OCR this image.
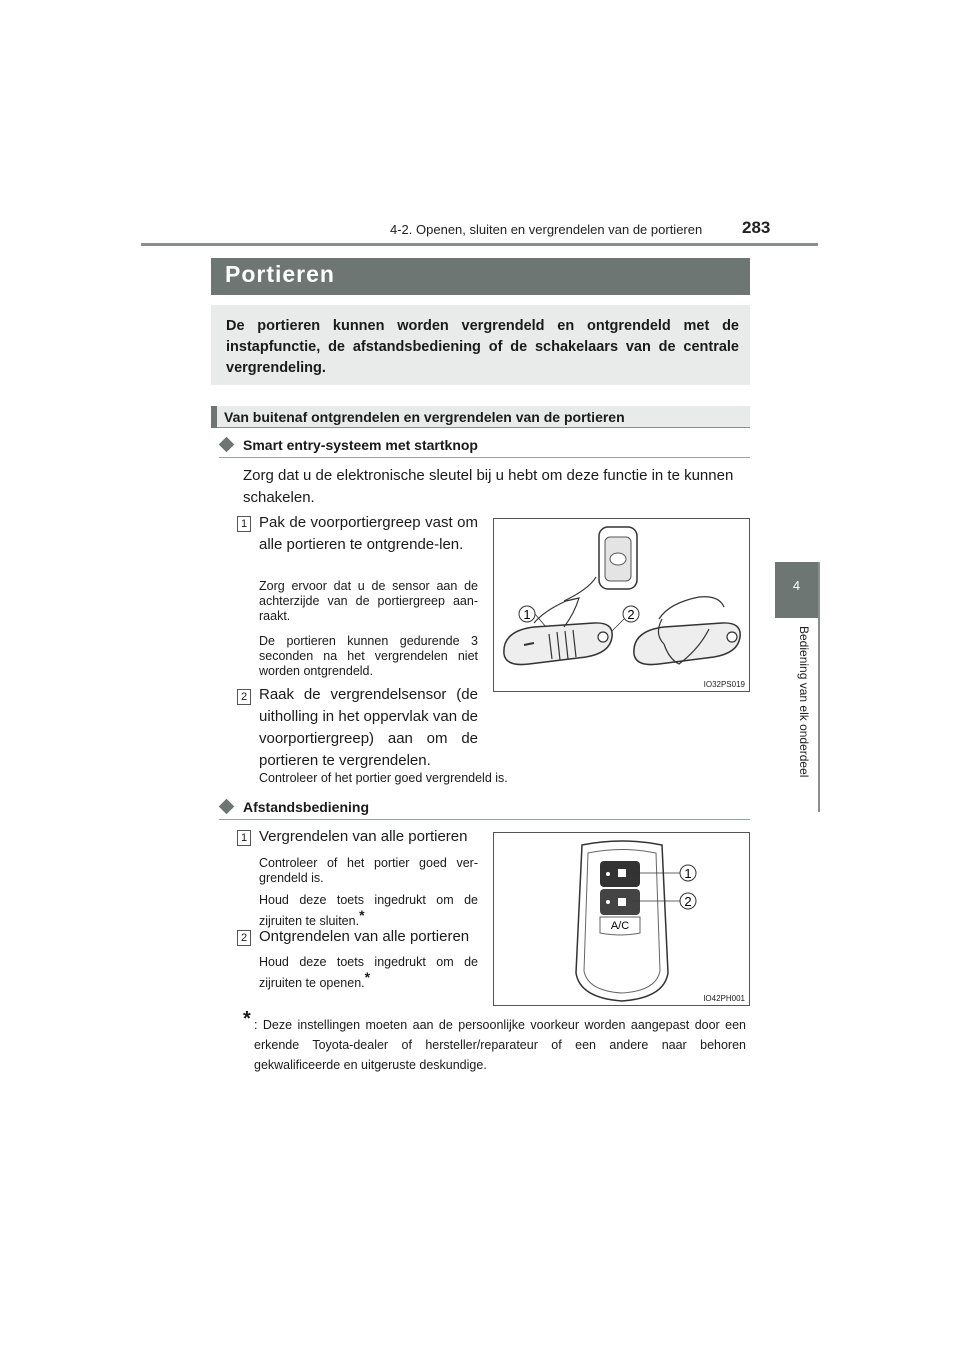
4-2. Openen, sluiten en vergrendelen van de portieren 283
4
Bediening van elk onderdeel
Portieren
De portieren kunnen worden vergrendeld en ontgrendeld met de instapfunctie, de afstandsbediening of de schakelaars van de centrale vergrendeling.
Van buitenaf ontgrendelen en vergrendelen van de portieren
Smart entry-systeem met startknop
Zorg dat u de elektronische sleutel bij u hebt om deze functie in te kunnen schakelen.
1 Pak de voorportiergreep vast om alle portieren te ontgrende-len.
Zorg ervoor dat u de sensor aan de achterzijde van de portiergreep aan-raakt.
De portieren kunnen gedurende 3 seconden na het vergrendelen niet worden ontgrendeld.
2 Raak de vergrendelsensor (de uitholling in het oppervlak van de voorportiergreep) aan om de portieren te vergrendelen.
Controleer of het portier goed vergrendeld is.
1	2
IO32PS019
Afstandsbediening
1 Vergrendelen van alle portieren
Controleer of het portier goed ver-grendeld is.
Houd deze toets ingedrukt om de zijruiten te sluiten.*
2 Ontgrendelen van alle portieren
Houd deze toets ingedrukt om de zijruiten te openen.*
A/C
1
2
IO42PH001
* : Deze instellingen moeten aan de persoonlijke voorkeur worden aangepast door een erkende Toyota-dealer of hersteller/reparateur of een andere naar behoren gekwalificeerde en uitgeruste deskundige.
